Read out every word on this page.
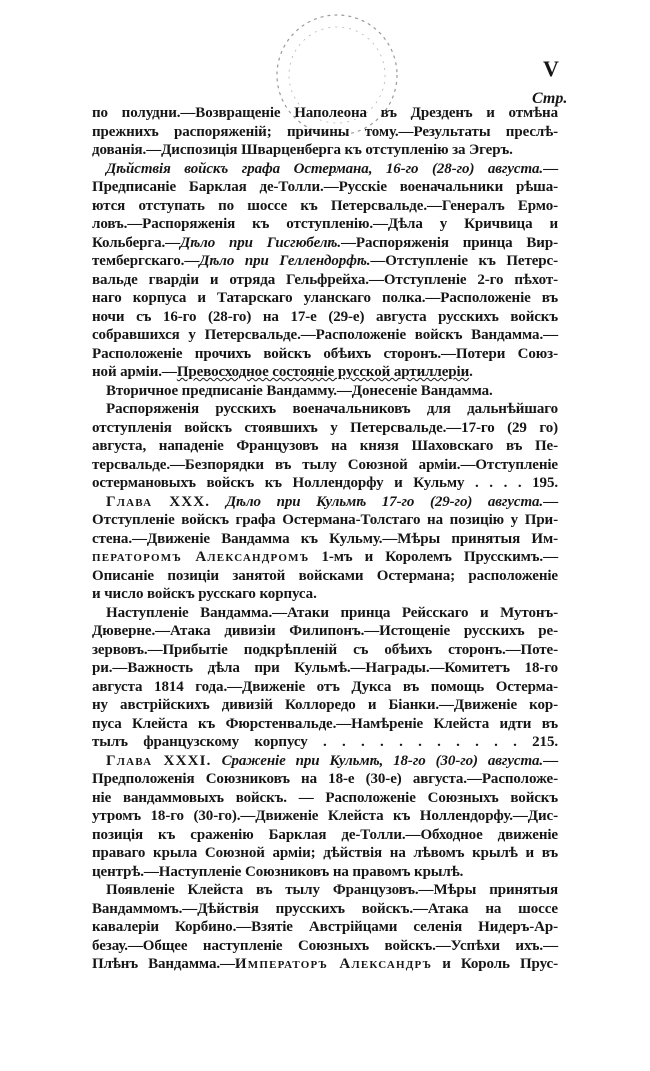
V
Стр.
по полудни.—Возвращеніе Наполеона въ Дрезденъ и отмѣна
прежнихъ распоряженій; причины тому.—Результаты преслѣ-
дованія.—Диспозиція Шварценберга къ отступленію за Эгеръ.
Дѣйствія войскъ графа Остермана, 16-го (28-го) августа.—
Предписаніе Барклая де-Толли.—Русскіе военачальники рѣша-
ются отступать по шоссе къ Петерсвальде.—Генералъ Ермо-
ловъ.—Распоряженія къ отступленію.—Дѣла у Кричвица и
Кольберга.—Дѣло при Гисгюбелѣ.—Распоряженія принца Вир-
тембергскаго.—Дѣло при Геллендорфѣ.—Отступленіе къ Петерс-
вальде гвардіи и отряда Гельфрейха.—Отступленіе 2-го пѣхот-
наго корпуса и Татарскаго уланскаго полка.—Расположеніе въ
ночи съ 16-го (28-го) на 17-е (29-е) августа русскихъ войскъ
собравшихся у Петерсвальде.—Расположеніе войскъ Вандамма.—
Расположеніе прочихъ войскъ обѣихъ сторонъ.—Потери Союз-
ной арміи.—Превосходное состояніе русской артиллеріи.
Вторичное предписаніе Вандамму.—Донесеніе Вандамма.
Распоряженія русскихъ военачальниковъ для дальнѣйшаго
отступленія войскъ стоявшихъ у Петерсвальде.—17-го (29 го)
августа, нападеніе Французовъ на князя Шаховскаго въ Пе-
терсвальде.—Безпорядки въ тылу Союзной арміи.—Отступленіе
остермановыхъ войскъ къ Ноллендорфу и Кульму . . . . 195.
Глава XXX. Дѣло при Кульмѣ 17-го (29-го) августа.—
Отступленіе войскъ графа Остермана-Толстаго на позицію у При-
стена.—Движеніе Вандамма къ Кульму.—Мѣры принятыя Им-
ператоромъ Александромъ 1-мъ и Королемъ Прусскимъ.—
Описаніе позиціи занятой войсками Остермана; расположеніе
и число войскъ русскаго корпуса.
Наступленіе Вандамма.—Атаки принца Рейсскаго и Мутонъ-
Дюверне.—Атака дивизіи Филипонъ.—Истощеніе русскихъ ре-
зервовъ.—Прибытіе подкрѣпленій съ обѣихъ сторонъ.—Поте-
ри.—Важность дѣла при Кульмѣ.—Награды.—Комитетъ 18-го
августа 1814 года.—Движеніе отъ Дукса въ помощь Остерма-
ну австрійскихъ дивизій Коллоредо и Біанки.—Движеніе кор-
пуса Клейста къ Фюрстенвальде.—Намѣреніе Клейста идти въ
тылъ французскому корпусу . . . . . . . . . . . 215.
Глава XXXI. Сраженіе при Кульмѣ, 18-го (30-го) августа.—
Предположенія Союзниковъ на 18-е (30-е) августа.—Расположе-
ніе вандаммовыхъ войскъ. — Расположеніе Союзныхъ войскъ
утромъ 18-го (30-го).—Движеніе Клейста къ Ноллендорфу.—Дис-
позиція къ сраженію Барклая де-Толли.—Обходное движеніе
праваго крыла Союзной арміи; дѣйствія на лѣвомъ крылѣ и въ
центрѣ.—Наступленіе Союзниковъ на правомъ крылѣ.
Появленіе Клейста въ тылу Французовъ.—Мѣры принятыя
Вандаммомъ.—Дѣйствія прусскихъ войскъ.—Атака на шоссе
кавалеріи Корбино.—Взятіе Австрійцами селенія Нидеръ-Ар-
безау.—Общее наступленіе Союзныхъ войскъ.—Успѣхи ихъ.—
Плѣнъ Вандамма.—Императоръ Александръ и Король Прус-
